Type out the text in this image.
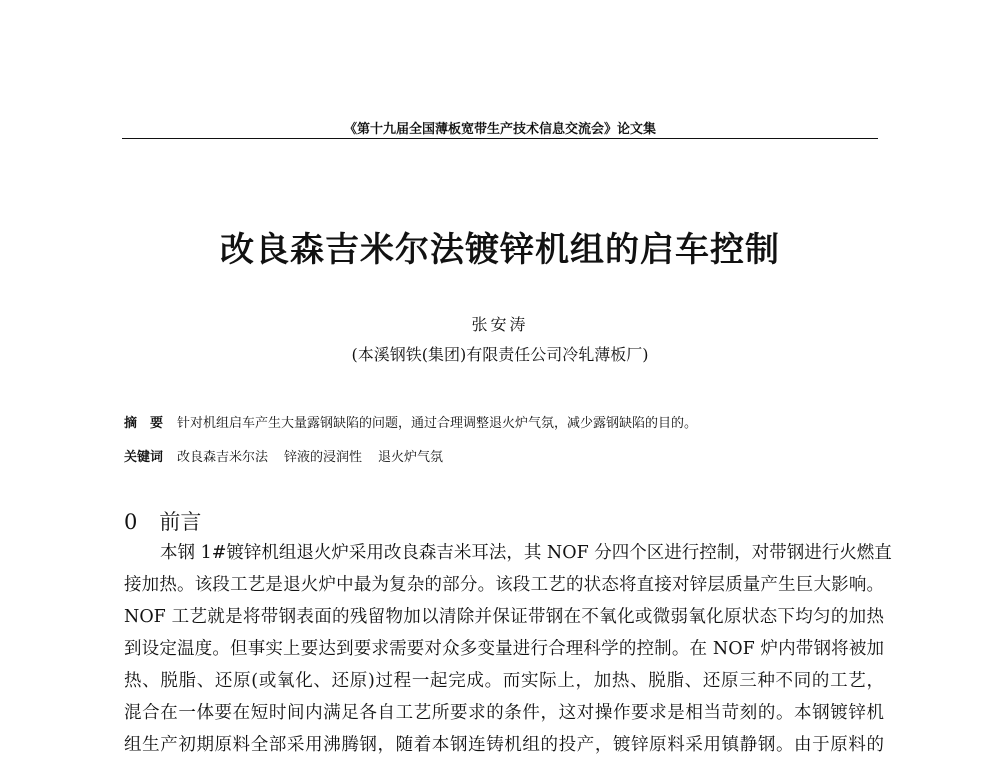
《第十九届全国薄板宽带生产技术信息交流会》论文集
改良森吉米尔法镀锌机组的启车控制
张安涛
(本溪钢铁(集团)有限责任公司冷轧薄板厂)
摘　要 针对机组启车产生大量露钢缺陷的问题，通过合理调整退火炉气氛，减少露钢缺陷的目的。
关键词 改良森吉米尔法 锌液的浸润性 退火炉气氛
0 前言
本钢 1#镀锌机组退火炉采用改良森吉米耳法，其 NOF 分四个区进行控制，对带钢进行火燃直
接加热。该段工艺是退火炉中最为复杂的部分。该段工艺的状态将直接对锌层质量产生巨大影响。
NOF 工艺就是将带钢表面的残留物加以清除并保证带钢在不氧化或微弱氧化原状态下均匀的加热
到设定温度。但事实上要达到要求需要对众多变量进行合理科学的控制。在 NOF 炉内带钢将被加
热、脱脂、还原(或氧化、还原)过程一起完成。而实际上，加热、脱脂、还原三种不同的工艺，
混合在一体要在短时间内满足各自工艺所要求的条件，这对操作要求是相当苛刻的。本钢镀锌机
组生产初期原料全部采用沸腾钢，随着本钢连铸机组的投产，镀锌原料采用镇静钢。由于原料的
